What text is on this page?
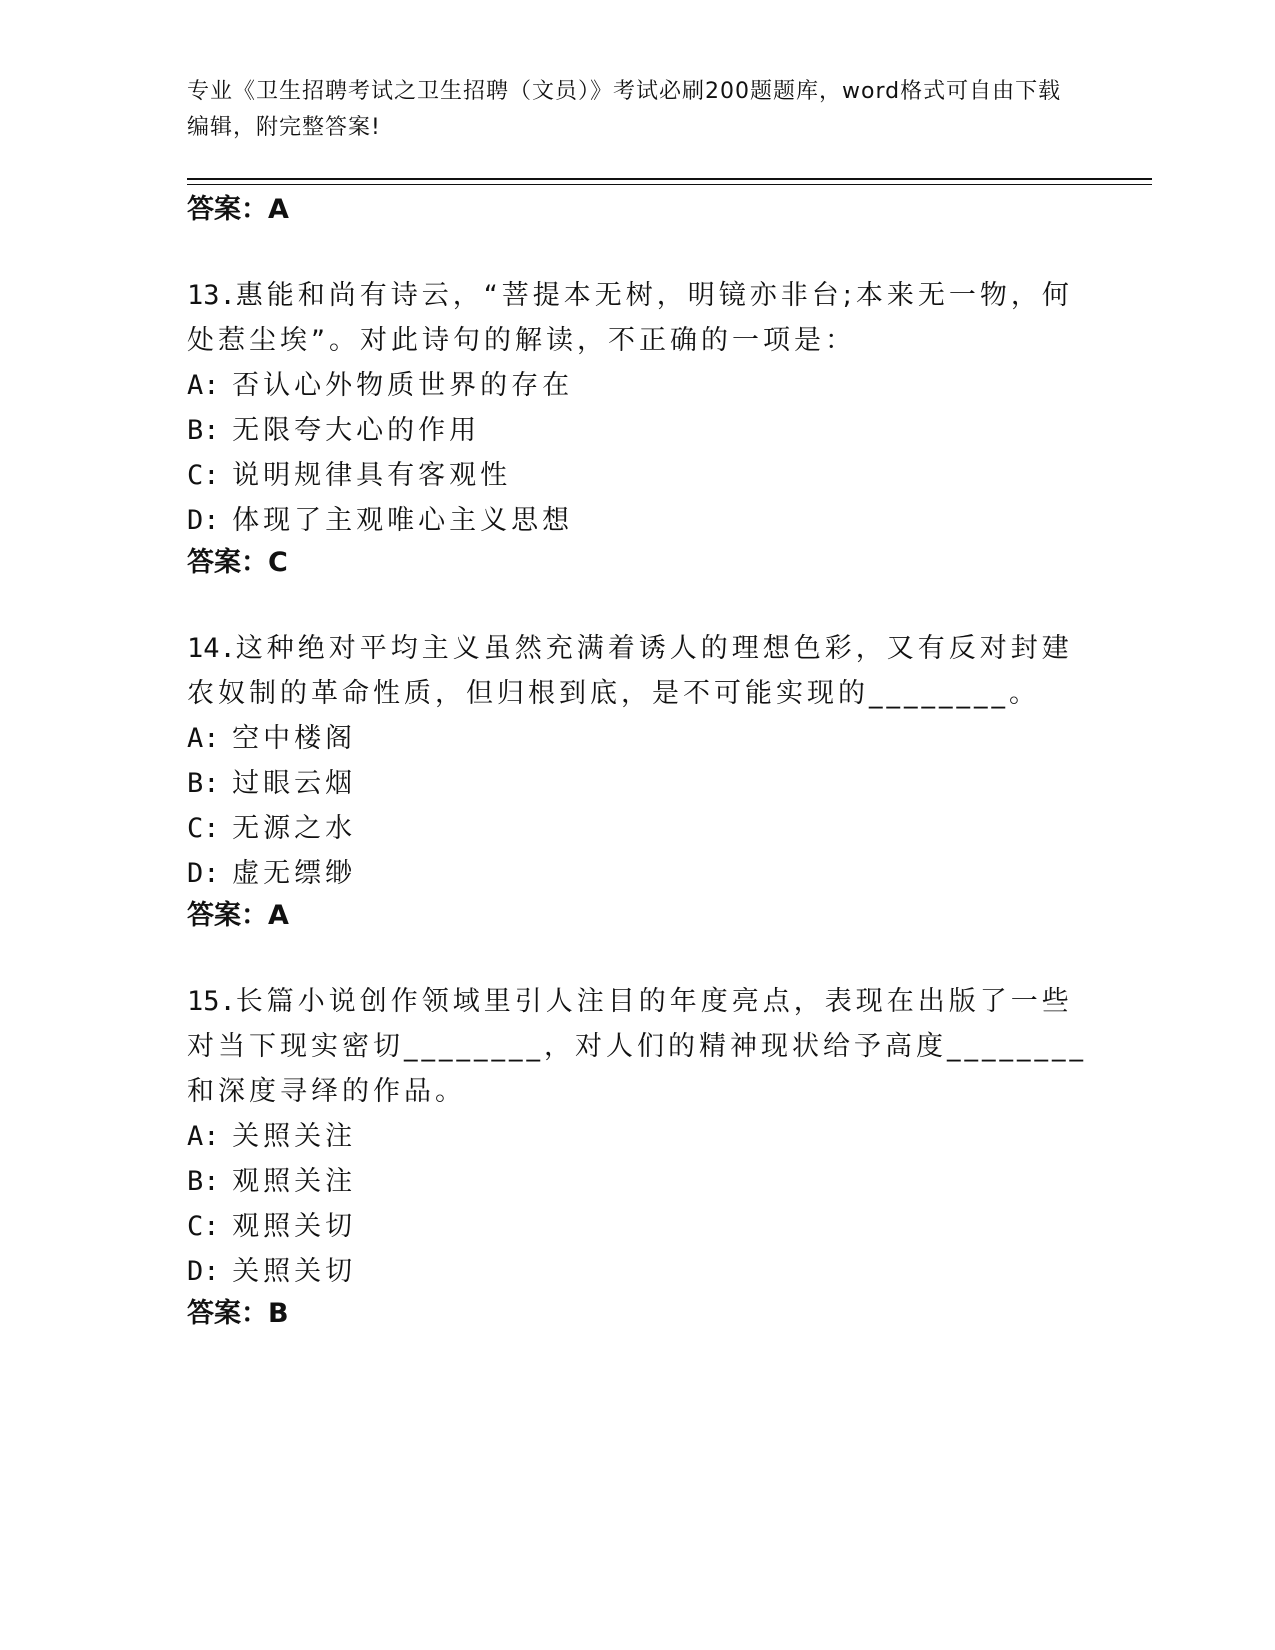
专业《卫生招聘考试之卫生招聘（文员）》考试必刷200题题库，word格式可自由下载编辑，附完整答案!
答案：A
13.惠能和尚有诗云，“菩提本无树，明镜亦非台;本来无一物，何处惹尘埃”。对此诗句的解读，不正确的一项是：
A: 否认心外物质世界的存在
B: 无限夸大心的作用
C: 说明规律具有客观性
D: 体现了主观唯心主义思想
答案：C
14.这种绝对平均主义虽然充满着诱人的理想色彩，又有反对封建农奴制的革命性质，但归根到底，是不可能实现的________。
A: 空中楼阁
B: 过眼云烟
C: 无源之水
D: 虚无缥缈
答案：A
15.长篇小说创作领域里引人注目的年度亮点，表现在出版了一些对当下现实密切________，对人们的精神现状给予高度________和深度寻绎的作品。
A: 关照关注
B: 观照关注
C: 观照关切
D: 关照关切
答案：B
